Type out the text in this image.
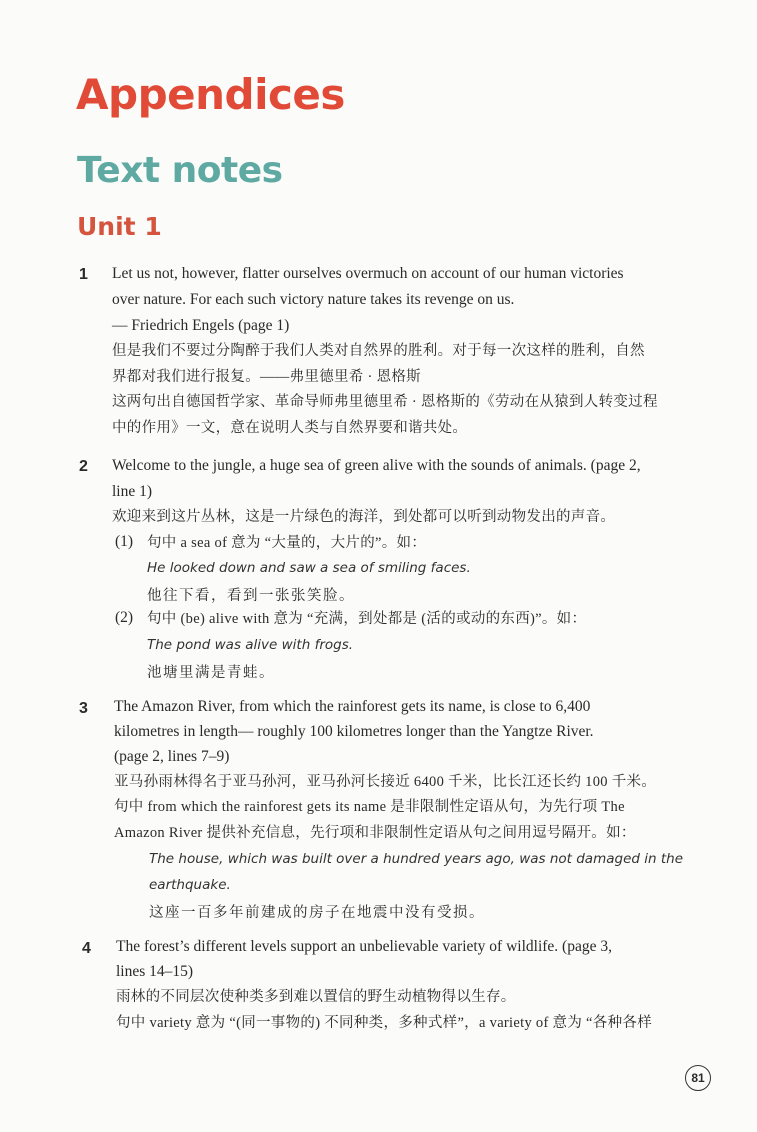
Appendices
Text notes
Unit 1
1 Let us not, however, flatter ourselves overmuch on account of our human victories
over nature. For each such victory nature takes its revenge on us.
— Friedrich Engels (page 1)
但是我们不要过分陶醉于我们人类对自然界的胜利。对于每一次这样的胜利，自然
界都对我们进行报复。——弗里德里希 · 恩格斯
这两句出自德国哲学家、革命导师弗里德里希 · 恩格斯的《劳动在从猿到人转变过程
中的作用》一文，意在说明人类与自然界要和谐共处。
2 Welcome to the jungle, a huge sea of green alive with the sounds of animals. (page 2,
line 1)
欢迎来到这片丛林，这是一片绿色的海洋，到处都可以听到动物发出的声音。
(1) 句中 a sea of 意为 “大量的，大片的”。如：
He looked down and saw a sea of smiling faces.
他往下看，看到一张张笑脸。
(2) 句中 (be) alive with 意为 “充满，到处都是 (活的或动的东西)”。如：
The pond was alive with frogs.
池塘里满是青蛙。
3 The Amazon River, from which the rainforest gets its name, is close to 6,400
kilometres in length— roughly 100 kilometres longer than the Yangtze River.
(page 2, lines 7–9)
亚马孙雨林得名于亚马孙河，亚马孙河长接近 6400 千米，比长江还长约 100 千米。
句中 from which the rainforest gets its name 是非限制性定语从句，为先行项 The
Amazon River 提供补充信息，先行项和非限制性定语从句之间用逗号隔开。如：
The house, which was built over a hundred years ago, was not damaged in the
earthquake.
这座一百多年前建成的房子在地震中没有受损。
4 The forest’s different levels support an unbelievable variety of wildlife. (page 3,
lines 14–15)
雨林的不同层次使种类多到难以置信的野生动植物得以生存。
句中 variety 意为 “(同一事物的) 不同种类，多种式样”，a variety of 意为 “各种各样
81
